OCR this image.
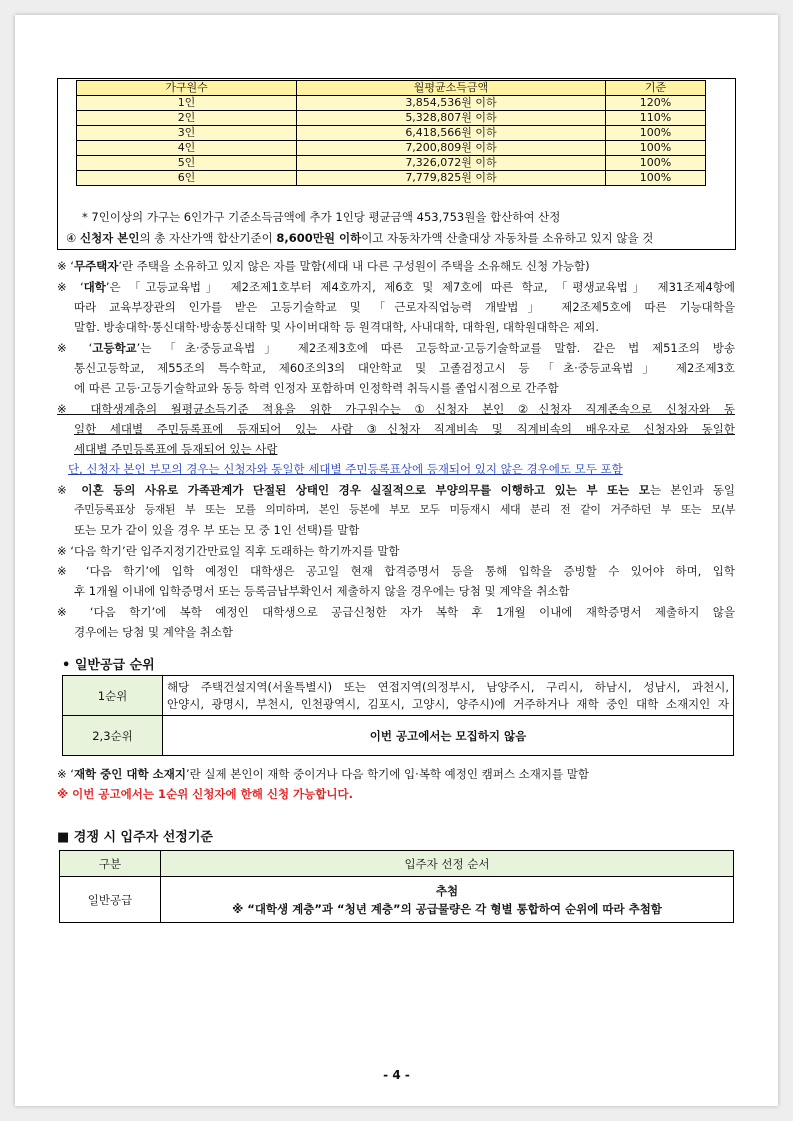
가구원수	월평균소득금액	기준
1인	3,854,536원 이하	120%
2인	5,328,807원 이하	110%
3인	6,418,566원 이하	100%
4인	7,200,809원 이하	100%
5인	7,326,072원 이하	100%
6인	7,779,825원 이하	100%
* 7인이상의 가구는 6인가구 기준소득금액에 추가 1인당 평균금액 453,753원을 합산하여 산정
④ 신청자 본인의 총 자산가액 합산기준이 8,600만원 이하이고 자동차가액 산출대상 자동차를 소유하고 있지 않을 것
※ ‘무주택자’란 주택을 소유하고 있지 않은 자를 말함(세대 내 다른 구성원이 주택을 소유해도 신청 가능함)
※ ‘대학’은 「고등교육법」 제2조제1호부터 제4호까지, 제6호 및 제7호에 따른 학교, 「평생교육법」 제31조제4항에
따라 교육부장관의 인가를 받은 고등기술학교 및 「근로자직업능력 개발법」 제2조제5호에 따른 기능대학을
말함. 방송대학·통신대학·방송통신대학 및 사이버대학 등 원격대학, 사내대학, 대학원, 대학원대학은 제외.
※ ‘고등학교’는 「초·중등교육법」 제2조제3호에 따른 고등학교·고등기술학교를 말함. 같은 법 제51조의 방송
통신고등학교, 제55조의 특수학교, 제60조의3의 대안학교 및 고졸검정고시 등 「초·중등교육법」 제2조제3호
에 따른 고등·고등기술학교와 동등 학력 인정자 포함하며 인정학력 취득시를 졸업시점으로 간주함
※ 대학생계층의 월평균소득기준 적용을 위한 가구원수는 ①신청자 본인 ②신청자 직계존속으로 신청자와 동
일한 세대별 주민등록표에 등재되어 있는 사람 ③신청자 직계비속 및 직계비속의 배우자로 신청자와 동일한
세대별 주민등록표에 등재되어 있는 사람
단, 신청자 본인 부모의 경우는 신청자와 동일한 세대별 주민등록표상에 등재되어 있지 않은 경우에도 모두 포함
※ 이혼 등의 사유로 가족관계가 단절된 상태인 경우 실질적으로 부양의무를 이행하고 있는 부 또는 모는 본인과 동일
주민등록표상 등재된 부 또는 모를 의미하며, 본인 등본에 부모 모두 미등재시 세대 분리 전 같이 거주하던 부 또는 모(부
또는 모가 같이 있을 경우 부 또는 모 중 1인 선택)를 말함
※ ‘다음 학기’란 입주지정기간만료일 직후 도래하는 학기까지를 말함
※ ‘다음 학기’에 입학 예정인 대학생은 공고일 현재 합격증명서 등을 통해 입학을 증빙할 수 있어야 하며, 입학
후 1개월 이내에 입학증명서 또는 등록금납부확인서 제출하지 않을 경우에는 당첨 및 계약을 취소함
※ ‘다음 학기’에 복학 예정인 대학생으로 공급신청한 자가 복학 후 1개월 이내에 재학증명서 제출하지 않을
경우에는 당첨 및 계약을 취소함
• 일반공급 순위
1순위	해당 주택건설지역(서울특별시) 또는 연접지역(의정부시, 남양주시, 구리시, 하남시, 성남시, 과천시,
안양시, 광명시, 부천시, 인천광역시, 김포시, 고양시, 양주시)에 거주하거나 재학 중인 대학 소재지인 자

2,3순위	이번 공고에서는 모집하지 않음
※ ‘재학 중인 대학 소재지’란 실제 본인이 재학 중이거나 다음 학기에 입·복학 예정인 캠퍼스 소재지를 말함
※ 이번 공고에서는 1순위 신청자에 한해 신청 가능합니다.
■ 경쟁 시 입주자 선정기준
구분	입주자 선정 순서
일반공급	추첨
※ “대학생 계층”과 “청년 계층”의 공급물량은 각 형별 통합하여 순위에 따라 추첨함
- 4 -
